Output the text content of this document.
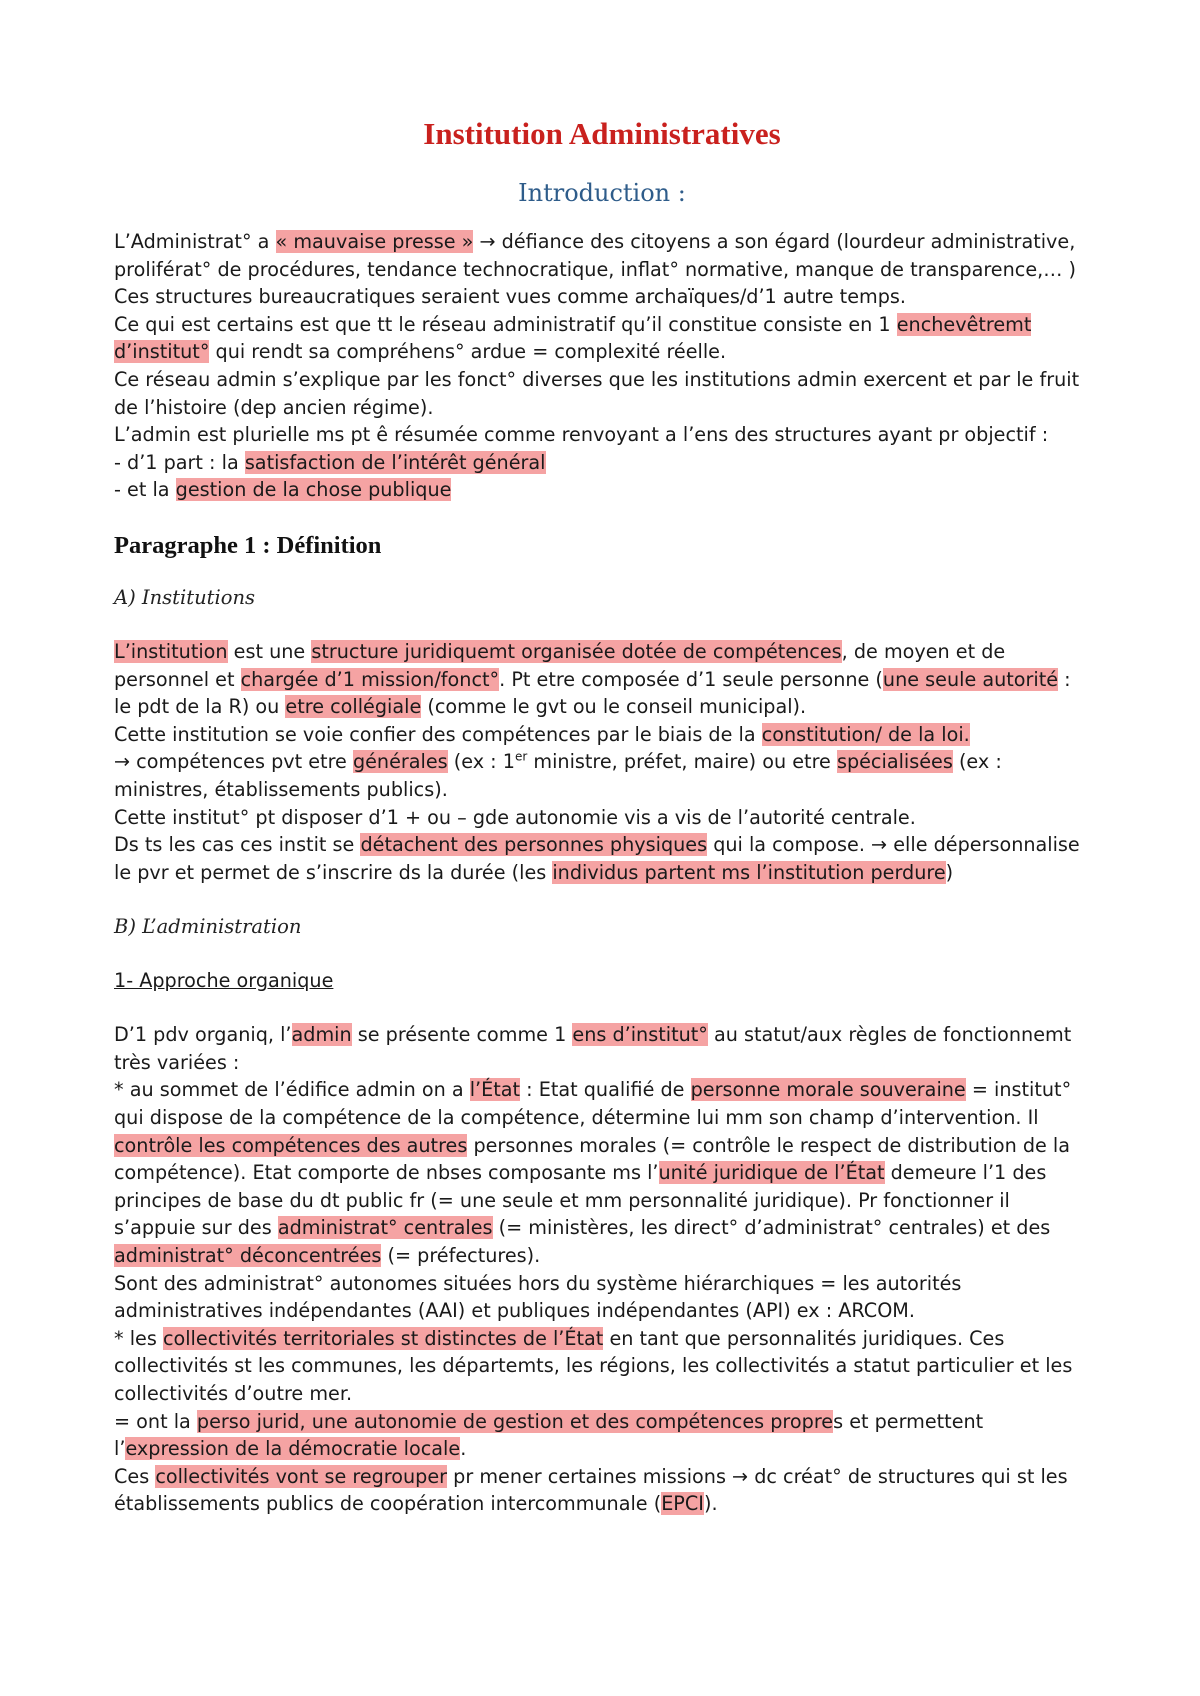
Institution Administratives
Introduction :

L’Administrat° a « mauvaise presse » → défiance des citoyens a son égard (lourdeur administrative, proliférat° de procédures, tendance technocratique, inflat° normative, manque de transparence,… )

Ces structures bureaucratiques seraient vues comme archaïques/d’1 autre temps.

Ce qui est certains est que tt le réseau administratif qu’il constitue consiste en 1 enchevêtremt d’institut° qui rendt sa compréhens° ardue = complexité réelle.

Ce réseau admin s’explique par les fonct° diverses que les institutions admin exercent et par le fruit de l’histoire (dep ancien régime).

L’admin est plurielle ms pt ê résumée comme renvoyant a l’ens des structures ayant pr objectif :

- d’1 part : la satisfaction de l’intérêt général

- et la gestion de la chose publique

Paragraphe 1 : Définition
A) Institutions

L’institution est une structure juridiquemt organisée dotée de compétences, de moyen et de personnel et chargée d’1 mission/fonct°. Pt etre composée d’1 seule personne (une seule autorité : le pdt de la R) ou etre collégiale (comme le gvt ou le conseil municipal).

Cette institution se voie confier des compétences par le biais de la constitution/ de la loi.

→ compétences pvt etre générales (ex : 1er ministre, préfet, maire) ou etre spécialisées (ex : ministres, établissements publics).

Cette institut° pt disposer d’1 + ou – gde autonomie vis a vis de l’autorité centrale.

Ds ts les cas ces instit se détachent des personnes physiques qui la compose. → elle dépersonnalise le pvr et permet de s’inscrire ds la durée (les individus partent ms l’institution perdure)

B) L’administration
1- Approche organique

D’1 pdv organiq, l’admin se présente comme 1 ens d’institut° au statut/aux règles de fonctionnemt très variées :

* au sommet de l’édifice admin on a l’État : Etat qualifié de personne morale souveraine = institut° qui dispose de la compétence de la compétence, détermine lui mm son champ d’intervention. Il contrôle les compétences des autres personnes morales (= contrôle le respect de distribution de la compétence). Etat comporte de nbses composante ms l’unité juridique de l’État demeure l’1 des principes de base du dt public fr (= une seule et mm personnalité juridique). Pr fonctionner il s’appuie sur des administrat° centrales (= ministères, les direct° d’administrat° centrales) et des administrat° déconcentrées (= préfectures).

Sont des administrat° autonomes situées hors du système hiérarchiques = les autorités administratives indépendantes (AAI) et publiques indépendantes (API) ex : ARCOM.

* les collectivités territoriales st distinctes de l’État en tant que personnalités juridiques. Ces collectivités st les communes, les départemts, les régions, les collectivités a statut particulier et les collectivités d’outre mer.

= ont la perso jurid, une autonomie de gestion et des compétences propres et permettent l’expression de la démocratie locale.

Ces collectivités vont se regrouper pr mener certaines missions → dc créat° de structures qui st les établissements publics de coopération intercommunale (EPCI).
